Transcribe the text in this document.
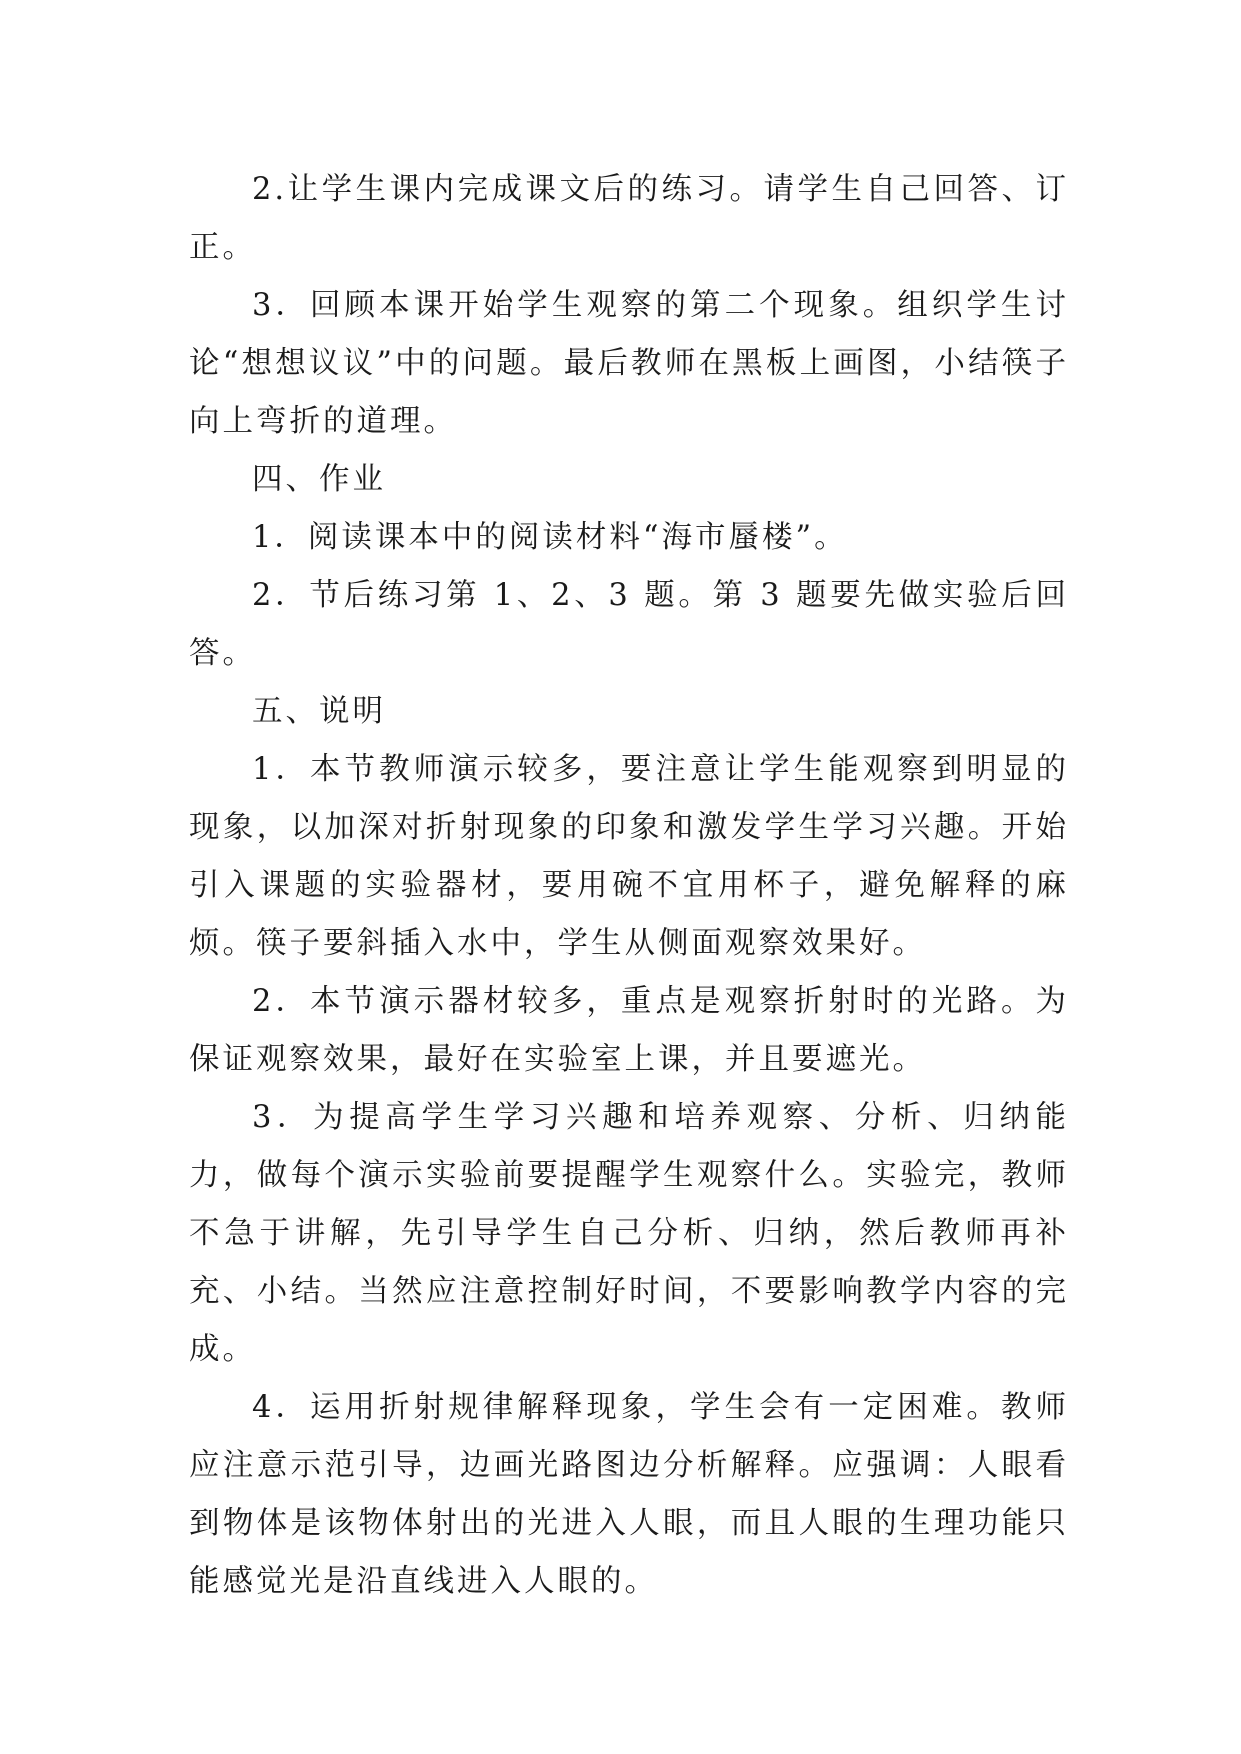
2.让学生课内完成课文后的练习。请学生自己回答、订正。

3．回顾本课开始学生观察的第二个现象。组织学生讨论“想想议议”中的问题。最后教师在黑板上画图，小结筷子向上弯折的道理。

四、作业

1．阅读课本中的阅读材料“海市蜃楼”。

2．节后练习第 1、2、3 题。第 3 题要先做实验后回答。

五、说明

1．本节教师演示较多，要注意让学生能观察到明显的现象，以加深对折射现象的印象和激发学生学习兴趣。开始引入课题的实验器材，要用碗不宜用杯子，避免解释的麻烦。筷子要斜插入水中，学生从侧面观察效果好。

2．本节演示器材较多，重点是观察折射时的光路。为保证观察效果，最好在实验室上课，并且要遮光。

3．为提高学生学习兴趣和培养观察、分析、归纳能力，做每个演示实验前要提醒学生观察什么。实验完，教师不急于讲解，先引导学生自己分析、归纳，然后教师再补充、小结。当然应注意控制好时间，不要影响教学内容的完成。

4．运用折射规律解释现象，学生会有一定困难。教师应注意示范引导，边画光路图边分析解释。应强调：人眼看到物体是该物体射出的光进入人眼，而且人眼的生理功能只能感觉光是沿直线进入人眼的。
